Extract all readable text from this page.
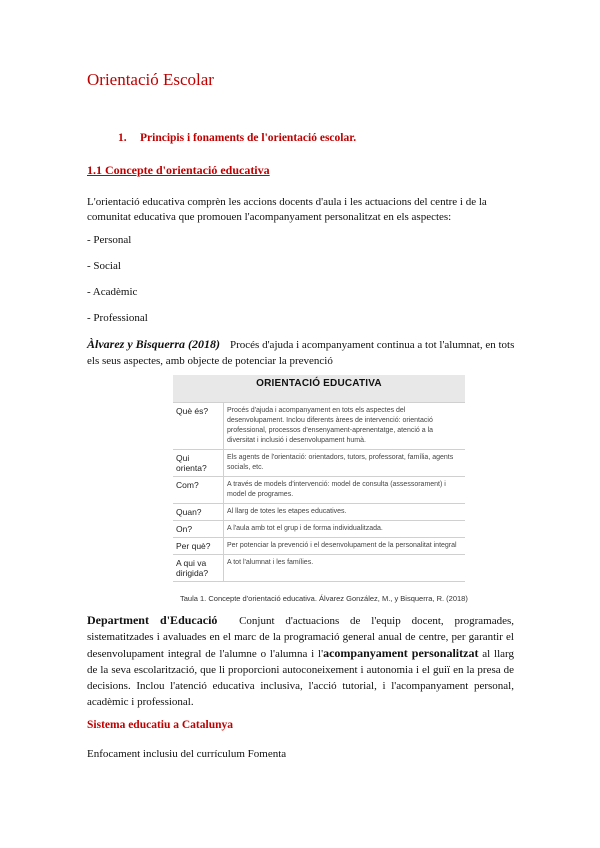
Orientació Escolar
1. Principis i fonaments de l'orientació escolar.
1.1 Concepte d'orientació educativa
L'orientació educativa comprèn les accions docents d'aula i les actuacions del centre i de la comunitat educativa que promouen l'acompanyament personalitzat en els aspectes:
- Personal
- Social
- Acadèmic
- Professional
Àlvarez y Bisquerra (2018) Procés d'ajuda i acompanyament continua a tot l'alumnat, en tots els seus aspectes, amb objecte de potenciar la prevenció
ORIENTACIÓ EDUCATIVA	
Què és?	Procés d'ajuda i acompanyament en tots els aspectes del desenvolupament. Inclou diferents àrees de intervenció: orientació professional, processos d'ensenyament-aprenentatge, atenció a la diversitat i inclusió i desenvolupament humà.
Qui orienta?	Els agents de l'orientació: orientadors, tutors, professorat, família, agents socials, etc.
Com?	A través de models d'intervenció: model de consulta (assessorament) i model de programes.
Quan?	Al llarg de totes les etapes educatives.
On?	A l'aula amb tot el grup i de forma individualitzada.
Per què?	Per potenciar la prevenció i el desenvolupament de la personalitat integral
A qui va dirigida?	A tot l'alumnat i les famílies.
Taula 1. Concepte d'orientació educativa. Álvarez González, M., y Bisquerra, R. (2018)
Department d'Educació Conjunt d'actuacions de l'equip docent, programades, sistematitzades i avaluades en el marc de la programació general anual de centre, per garantir el desenvolupament integral de l'alumne o l'alumna i l'acompanyament personalitzat al llarg de la seva escolarització, que li proporcioni autoconeixement i autonomia i el guiï en la presa de decisions. Inclou l'atenció educativa inclusiva, l'acció tutorial, i l'acompanyament personal, acadèmic i professional.
Sistema educatiu a Catalunya
Enfocament inclusiu del currículum Fomenta
